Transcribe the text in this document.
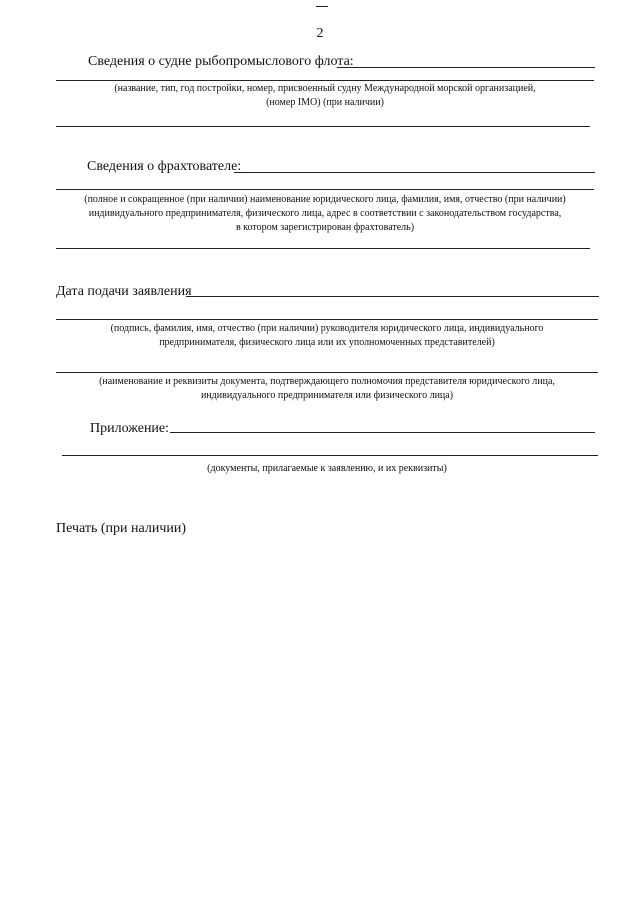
2
Сведения о судне рыбопромыслового флота:
(название, тип, год постройки, номер, присвоенный судну Международной морской организацией,
(номер IMO) (при наличии)
Сведения о фрахтователе:
(полное и сокращенное (при наличии) наименование юридического лица, фамилия, имя, отчество (при наличии)
индивидуального предпринимателя, физического лица, адрес в соответствии с законодательством государства,
в котором зарегистрирован фрахтователь)
Дата подачи заявления
(подпись, фамилия, имя, отчество (при наличии) руководителя юридического лица, индивидуального
предпринимателя, физического лица или их уполномоченных представителей)
(наименование и реквизиты документа, подтверждающего полномочия представителя юридического лица,
индивидуального предпринимателя или физического лица)
Приложение:
(документы, прилагаемые к заявлению, и их реквизиты)
Печать (при наличии)
